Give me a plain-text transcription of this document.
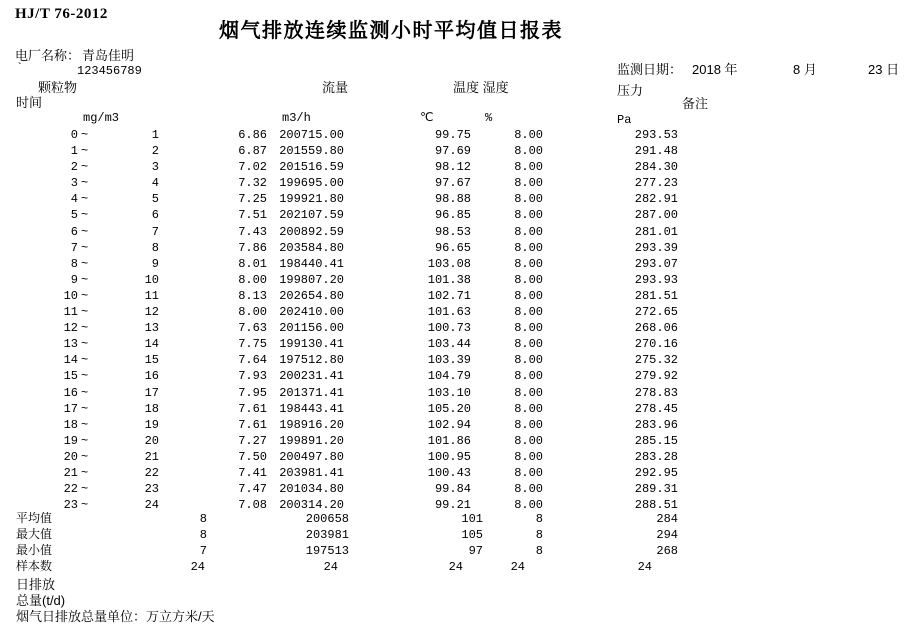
HJ/T 76-2012
烟气排放连续监测小时平均值日报表
电厂名称： 青岛佳明
`	123456789	监测日期： 2018 年	8 月	23 日
颗粒物	流量	温度 湿度	压力
时间	备注
mg/m3	m3/h	℃	%	Pa
0 ~	1	6.86 200715.00	99.75	8.00	293.53
1 ~	2	6.87 201559.80	97.69	8.00	291.48
2 ~	3	7.02 201516.59	98.12	8.00	284.30
3 ~	4	7.32 199695.00	97.67	8.00	277.23
4 ~	5	7.25 199921.80	98.88	8.00	282.91
5 ~	6	7.51 202107.59	96.85	8.00	287.00
6 ~	7	7.43 200892.59	98.53	8.00	281.01
7 ~	8	7.86 203584.80	96.65	8.00	293.39
8 ~	9	8.01 198440.41	103.08	8.00	293.07
9 ~	10	8.00 199807.20	101.38	8.00	293.93
10 ~	11	8.13 202654.80	102.71	8.00	281.51
11 ~	12	8.00 202410.00	101.63	8.00	272.65
12 ~	13	7.63 201156.00	100.73	8.00	268.06
13 ~	14	7.75 199130.41	103.44	8.00	270.16
14 ~	15	7.64 197512.80	103.39	8.00	275.32
15 ~	16	7.93 200231.41	104.79	8.00	279.92
16 ~	17	7.95 201371.41	103.10	8.00	278.83
17 ~	18	7.61 198443.41	105.20	8.00	278.45
18 ~	19	7.61 198916.20	102.94	8.00	283.96
19 ~	20	7.27 199891.20	101.86	8.00	285.15
20 ~	21	7.50 200497.80	100.95	8.00	283.28
21 ~	22	7.41 203981.41	100.43	8.00	292.95
22 ~	23	7.47 201034.80	99.84	8.00	289.31
23 ~	24	7.08 200314.20	99.21	8.00	288.51
平均值	8	200658	101	8	284
最大值	8	203981	105	8	294
最小值	7	197513	97	8	268
样本数	24	24	24	24	24
日排放
总量(t/d)
烟气日排放总量单位：万立方米/天
